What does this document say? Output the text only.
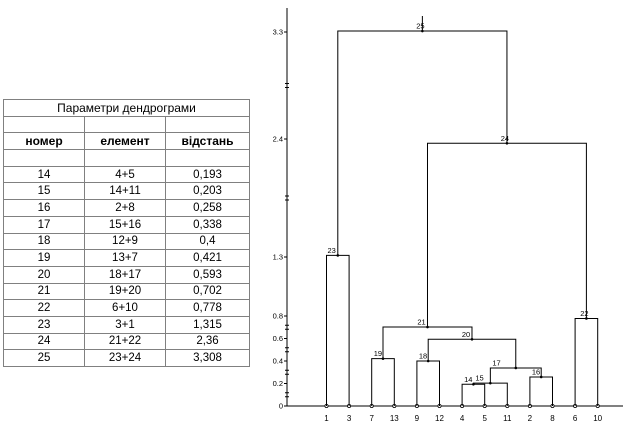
Параметри дендрограми		

номер	елемент	відстань

14	4+5	0,193
15	14+11	0,203
16	2+8	0,258
17	15+16	0,338
18	12+9	0,4
19	13+7	0,421
20	18+17	0,593
21	19+20	0,702
22	6+10	0,778
23	3+1	1,315
24	21+22	2,36
25	23+24	3,308
0
0.2
0.4
0.6
0.8
1.3
2.4
3.3
1 3 7 13 9 12 4 5 11 2 8 6 10
14 15
16
17
18
19
20
21
22
23
24
25
